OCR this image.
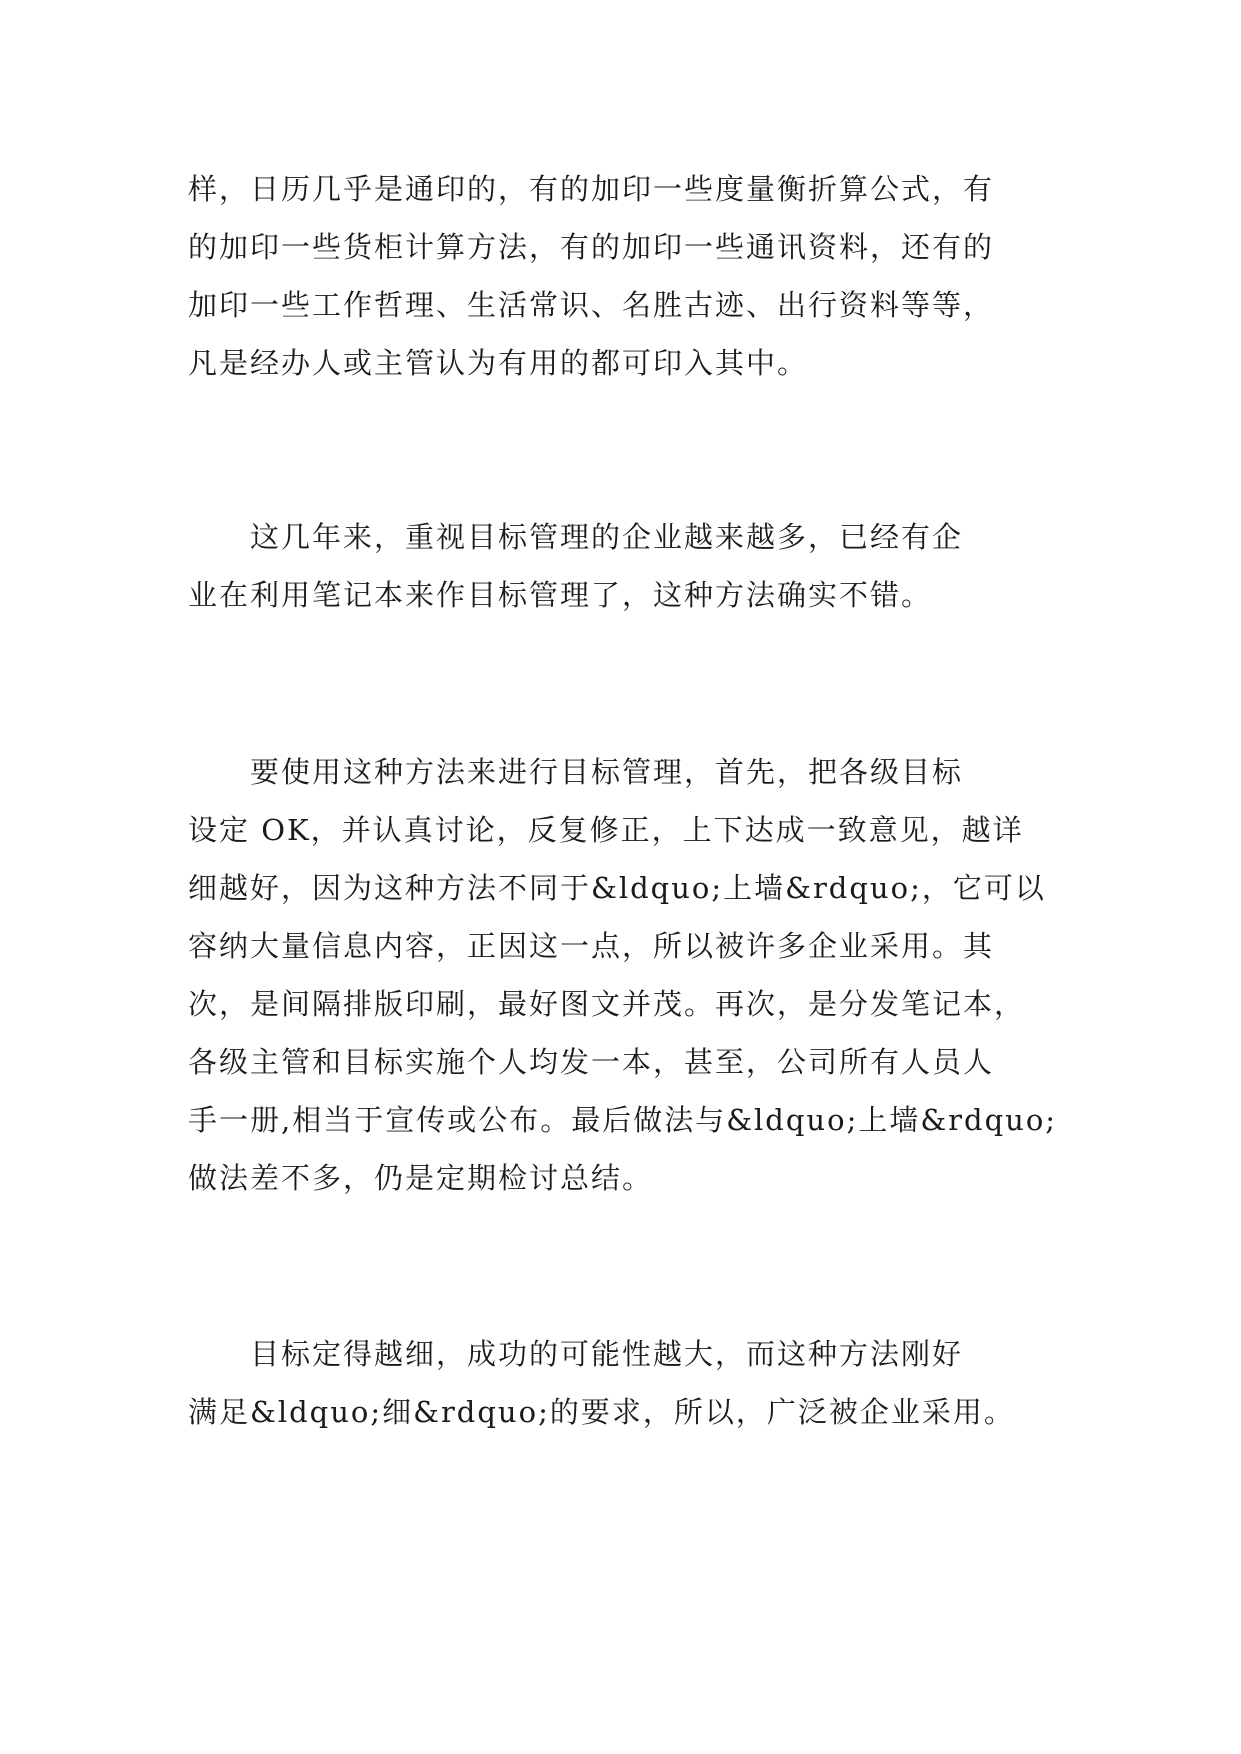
样，日历几乎是通印的，有的加印一些度量衡折算公式，有
的加印一些货柜计算方法，有的加印一些通讯资料，还有的
加印一些工作哲理、生活常识、名胜古迹、出行资料等等，
凡是经办人或主管认为有用的都可印入其中。
　　这几年来，重视目标管理的企业越来越多，已经有企
业在利用笔记本来作目标管理了，这种方法确实不错。
　　要使用这种方法来进行目标管理，首先，把各级目标
设定 OK，并认真讨论，反复修正，上下达成一致意见，越详
细越好，因为这种方法不同于&ldquo;上墙&rdquo;，它可以
容纳大量信息内容，正因这一点，所以被许多企业采用。其
次，是间隔排版印刷，最好图文并茂。再次，是分发笔记本，
各级主管和目标实施个人均发一本，甚至，公司所有人员人
手一册,相当于宣传或公布。最后做法与&ldquo;上墙&rdquo;
做法差不多，仍是定期检讨总结。
　　目标定得越细，成功的可能性越大，而这种方法刚好
满足&ldquo;细&rdquo;的要求，所以，广泛被企业采用。
